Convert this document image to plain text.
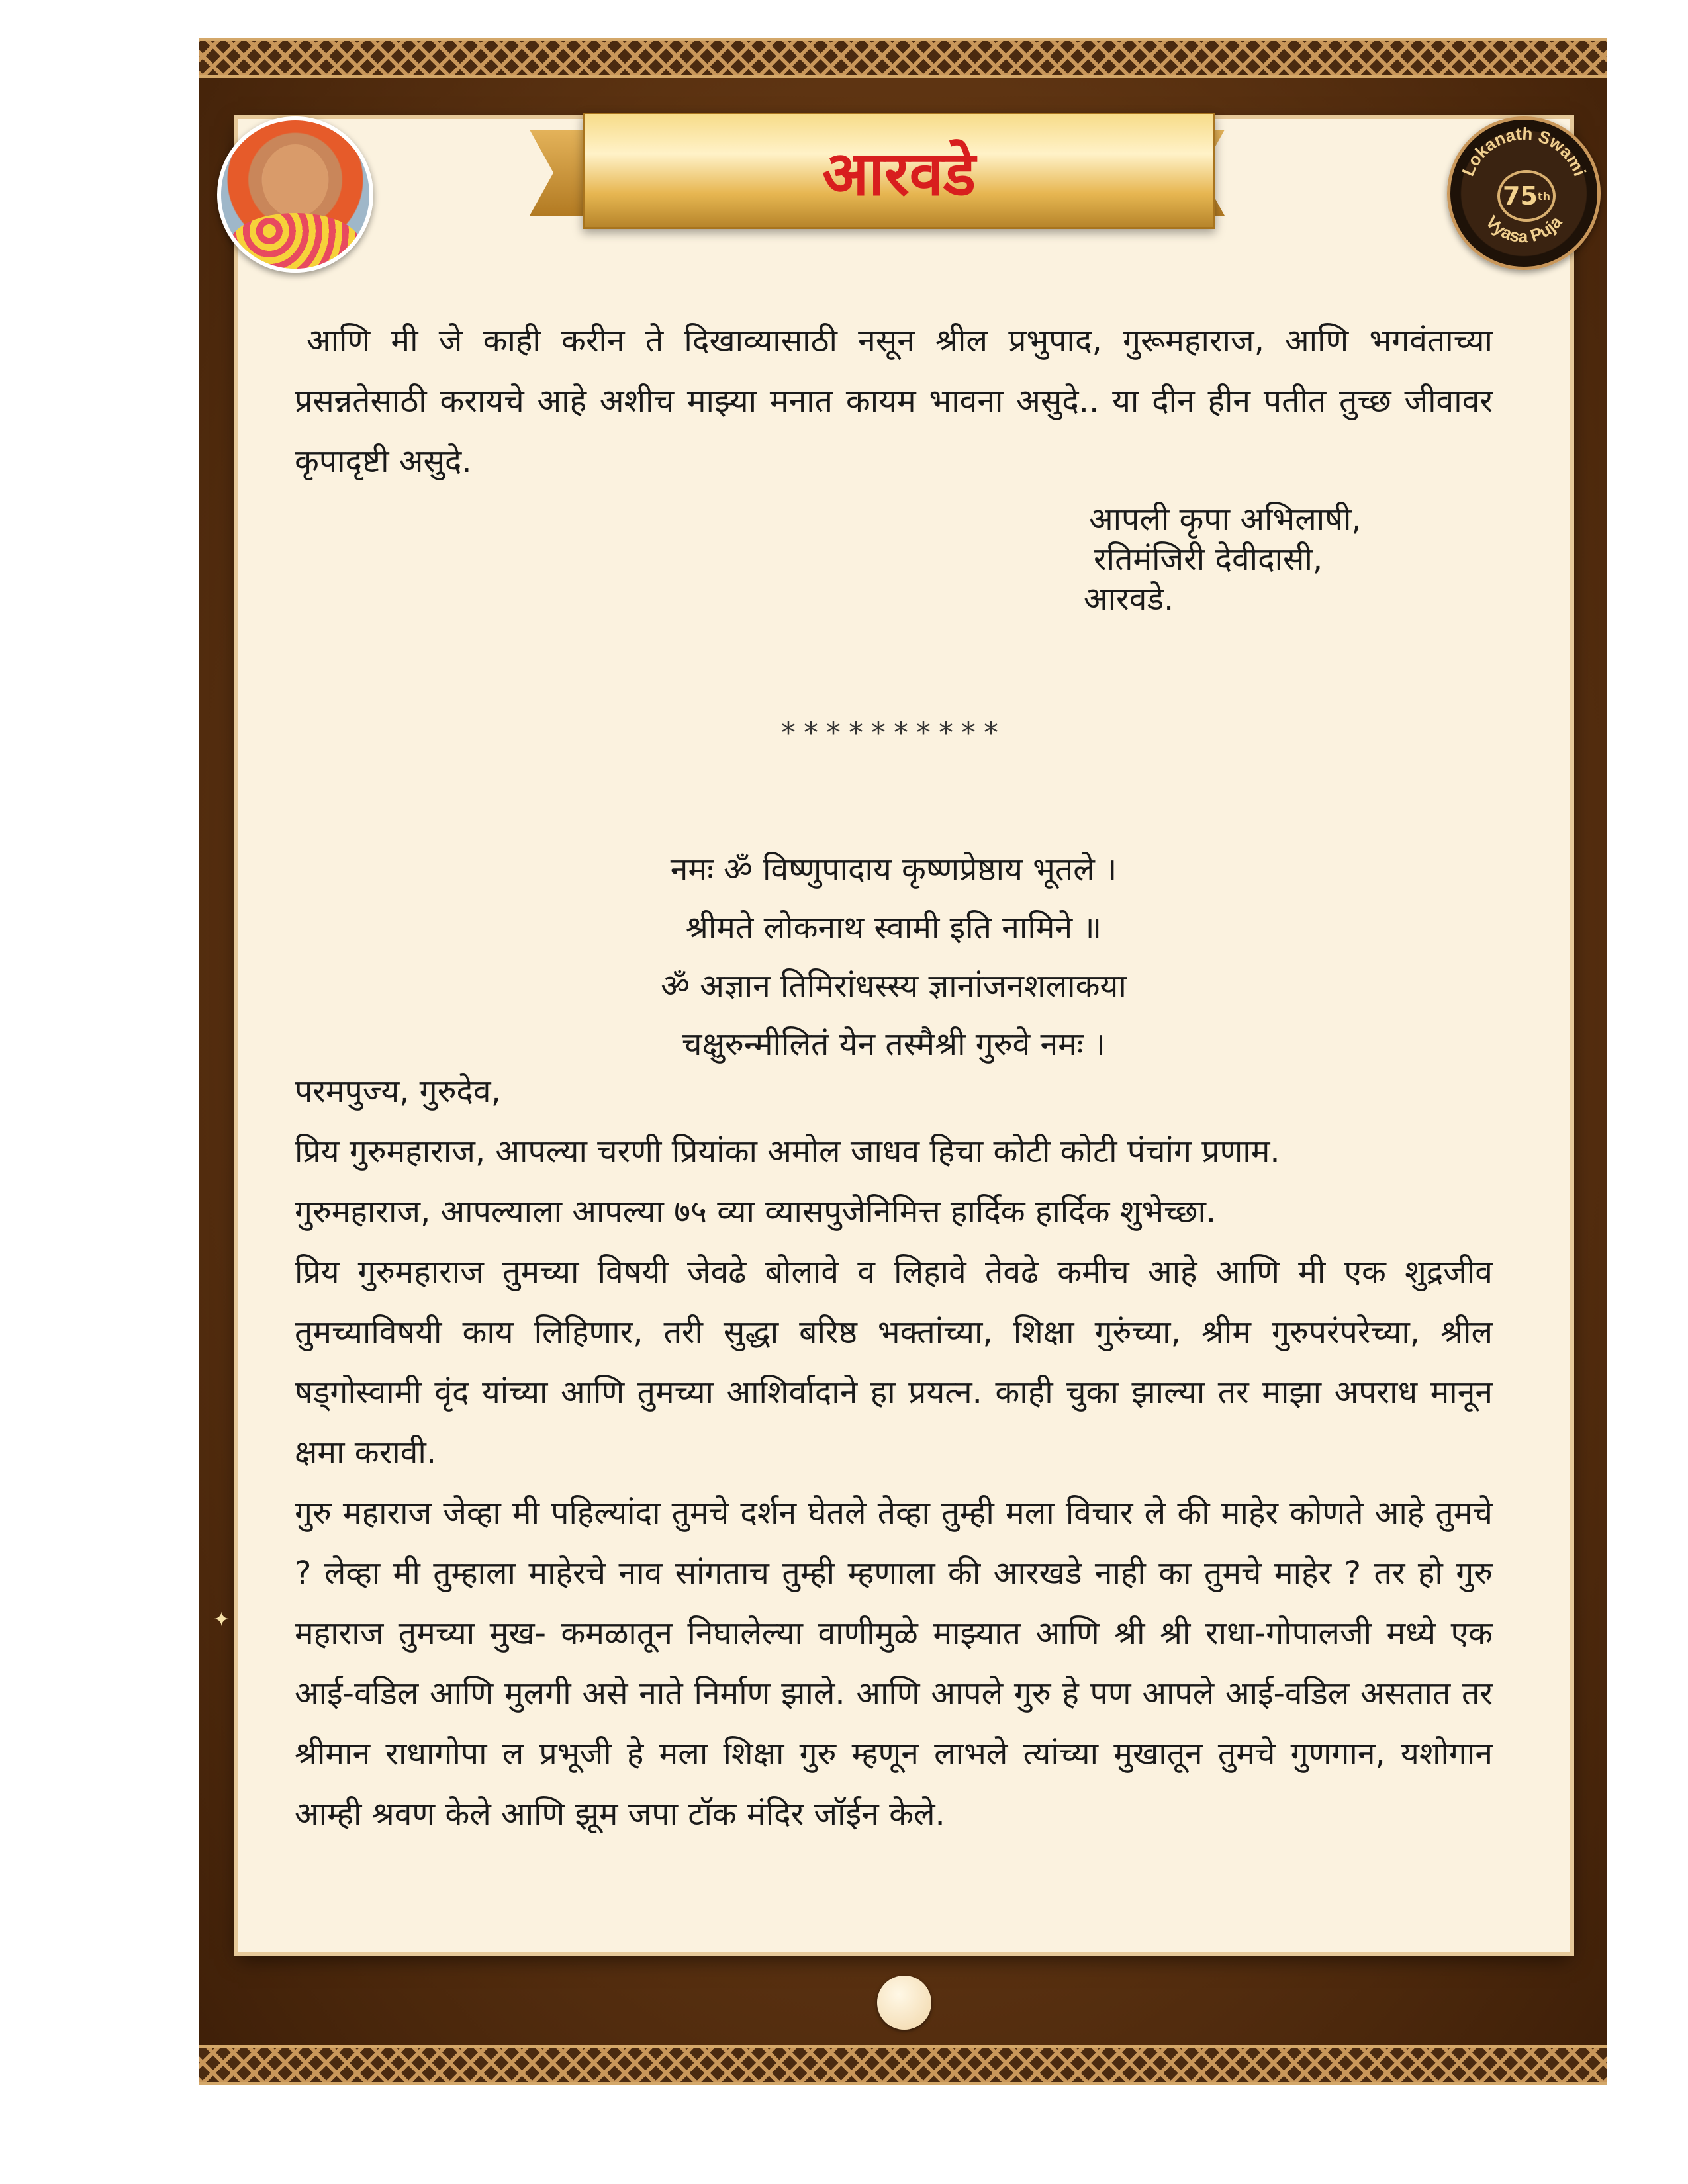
आरवडे	Lokanath Swami
Vyasa Puja
75 th

आणि मी जे काही करीन ते दिखाव्यासाठी नसून श्रील प्रभुपाद, गुरूमहाराज, आणि भगवंताच्या प्रसन्नतेसाठी करायचे आहे अशीच माझ्या मनात कायम भावना असुदे.. या दीन हीन पतीत तुच्छ जीवावर कृपादृष्टी असुदे.

आपली कृपा अभिलाषी,
रतिमंजिरी देवीदासी,
आरवडे.
**********
नमः ॐ विष्णुपादाय कृष्णप्रेष्ठाय भूतले ।
श्रीमते लोकनाथ स्वामी इति नामिने ॥
ॐ अज्ञान तिमिरांधस्स्य ज्ञानांजनशलाकया
चक्षुरुन्मीलितं येन तस्मैश्री गुरुवे नमः ।

परमपुज्य, गुरुदेव,

प्रिय गुरुमहाराज, आपल्या चरणी प्रियांका अमोल जाधव हिचा कोटी कोटी पंचांग प्रणाम.

गुरुमहाराज, आपल्याला आपल्या ७५ व्या व्यासपुजेनिमित्त हार्दिक हार्दिक शुभेच्छा.

प्रिय गुरुमहाराज तुमच्या विषयी जेवढे बोलावे व लिहावे तेवढे कमीच आहे आणि मी एक शुद्रजीव तुमच्याविषयी काय लिहिणार, तरी सुद्धा बरिष्ठ भक्तांच्या, शिक्षा गुरुंच्या, श्रीम गुरुपरंपरेच्या, श्रील षड्गोस्वामी वृंद यांच्या आणि तुमच्या आशिर्वादाने हा प्रयत्न. काही चुका झाल्या तर माझा अपराध मानून क्षमा करावी.

गुरु महाराज जेव्हा मी पहिल्यांदा तुमचे दर्शन घेतले तेव्हा तुम्ही मला विचार ले की माहेर कोणते आहे तुमचे ? लेव्हा मी तुम्हाला माहेरचे नाव सांगताच तुम्ही म्हणाला की आरखडे नाही का तुमचे माहेर ? तर हो गुरु महाराज तुमच्या मुख- कमळातून निघालेल्या वाणीमुळे माझ्यात आणि श्री श्री राधा-गोपालजी मध्ये एक आई-वडिल आणि मुलगी असे नाते निर्माण झाले. आणि आपले गुरु हे पण आपले आई-वडिल असतात तर श्रीमान राधागोपा ल प्रभूजी हे मला शिक्षा गुरु म्हणून लाभले त्यांच्या मुखातून तुमचे गुणगान, यशोगान आम्ही श्रवण केले आणि झूम जपा टॉक मंदिर जॉईन केले.

✦
